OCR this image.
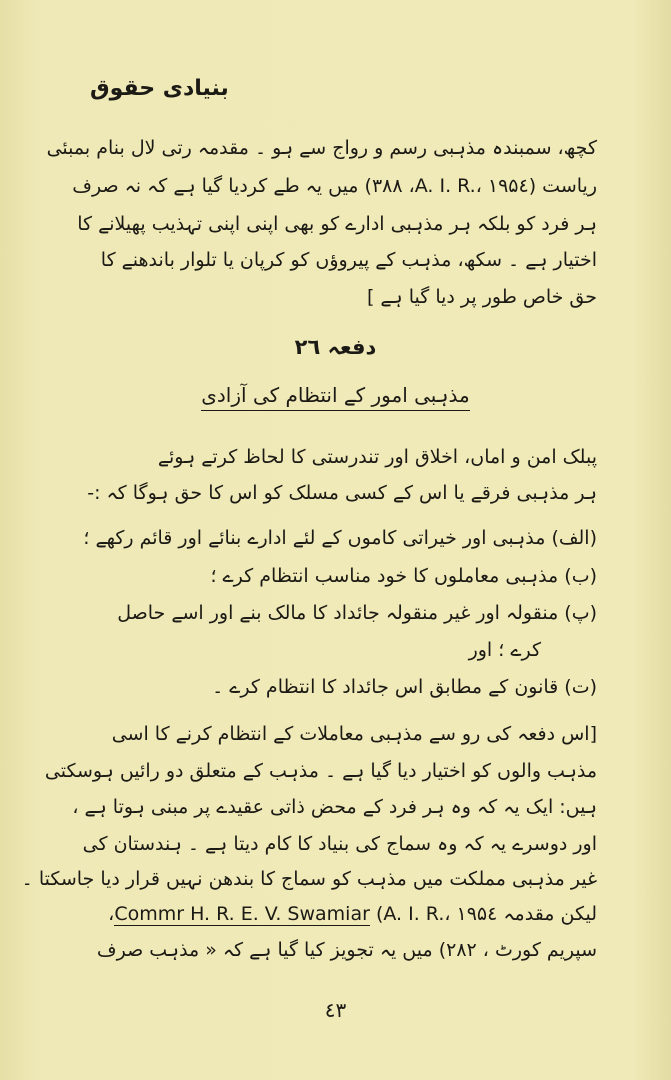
بنیادی حقوق
کچھ، سمبندہ مذہبی رسم و رواج سے ہو ۔ مقدمہ رتی لال بنام بمبئی
ریاست (A. I. R.، ۱۹۵٤، ۳۸۸) میں یہ طے کردیا گیا ہے کہ نہ صرف
ہر فرد کو بلکہ ہر مذہبی ادارے کو بھی اپنی اپنی تہذیب پھیلانے کا
اختیار ہے ۔ سکھ، مذہب کے پیروؤں کو کرپان یا تلوار باندھنے کا
حق خاص طور پر دیا گیا ہے ]
دفعہ ۲٦
مذہبی امور کے انتظام کی آزادی
پبلک امن و اماں، اخلاق اور تندرستی کا لحاظ کرتے ہوئے
ہر مذہبی فرقے یا اس کے کسی مسلک کو اس کا حق ہوگا کہ :-
(الف) مذہبی اور خیراتی کاموں کے لئے ادارے بنائے اور قائم رکھے ؛
(ب) مذہبی معاملوں کا خود مناسب انتظام کرے ؛
(پ) منقولہ اور غیر منقولہ جائداد کا مالک بنے اور اسے حاصل
کرے ؛ اور
(ت) قانون کے مطابق اس جائداد کا انتظام کرے ۔
[اس دفعہ کی رو سے مذہبی معاملات کے انتظام کرنے کا اسی
مذہب والوں کو اختیار دیا گیا ہے ۔ مذہب کے متعلق دو رائیں ہوسکتی
ہیں: ایک یہ کہ وہ ہر فرد کے محض ذاتی عقیدے پر مبنی ہوتا ہے ،
اور دوسرے یہ کہ وہ سماج کی بنیاد کا کام دیتا ہے ۔ ہندستان کی
غیر مذہبی مملکت میں مذہب کو سماج کا بندھن نہیں قرار دیا جاسکتا ۔
لیکن مقدمہ Commr H. R. E. V. Swamiar (A. I. R.، ۱۹۵٤،
سپریم کورٹ ، ۲۸۲) میں یہ تجویز کیا گیا ہے کہ « مذہب صرف
٤۳
